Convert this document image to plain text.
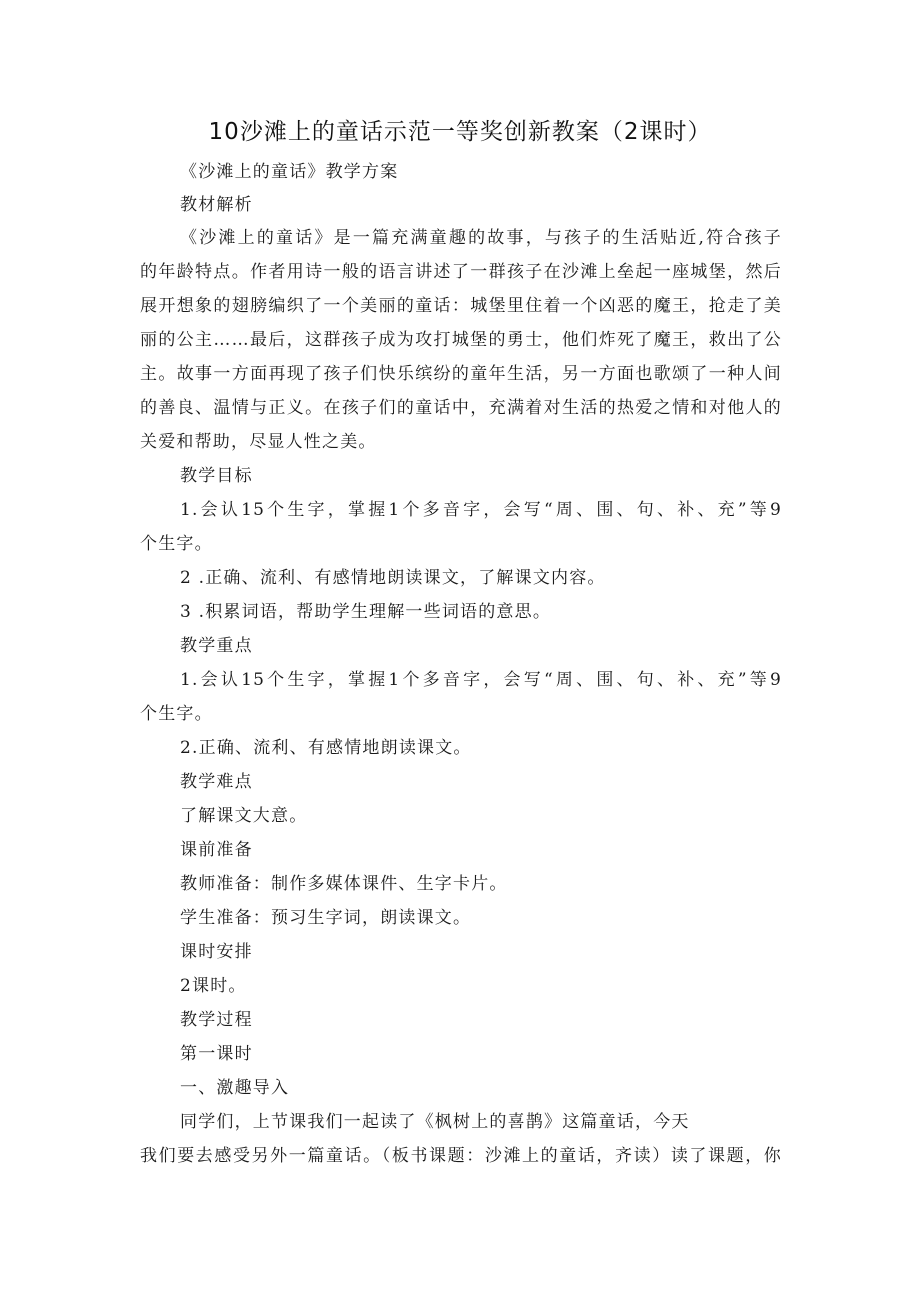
10沙滩上的童话示范一等奖创新教案（2课时）
《沙滩上的童话》教学方案
教材解析
《沙滩上的童话》是一篇充满童趣的故事，与孩子的生活贴近,符合孩子
的年龄特点。作者用诗一般的语言讲述了一群孩子在沙滩上垒起一座城堡，然后
展开想象的翅膀编织了一个美丽的童话：城堡里住着一个凶恶的魔王，抢走了美
丽的公主……最后，这群孩子成为攻打城堡的勇士，他们炸死了魔王，救出了公
主。故事一方面再现了孩子们快乐缤纷的童年生活，另一方面也歌颂了一种人间
的善良、温情与正义。在孩子们的童话中，充满着对生活的热爱之情和对他人的
关爱和帮助，尽显人性之美。
教学目标
1.会认15个生字，掌握1个多音字，会写“周、围、句、补、充”等9
个生字。
2 .正确、流利、有感情地朗读课文，了解课文内容。
3 .积累词语，帮助学生理解一些词语的意思。
教学重点
1.会认15个生字，掌握1个多音字，会写“周、围、句、补、充”等9
个生字。
2.正确、流利、有感情地朗读课文。
教学难点
了解课文大意。
课前准备
教师准备：制作多媒体课件、生字卡片。
学生准备：预习生字词，朗读课文。
课时安排
2课时。
教学过程
第一课时
一、激趣导入
同学们，上节课我们一起读了《枫树上的喜鹊》这篇童话，今天
我们要去感受另外一篇童话。（板书课题：沙滩上的童话，齐读）读了课题，你
